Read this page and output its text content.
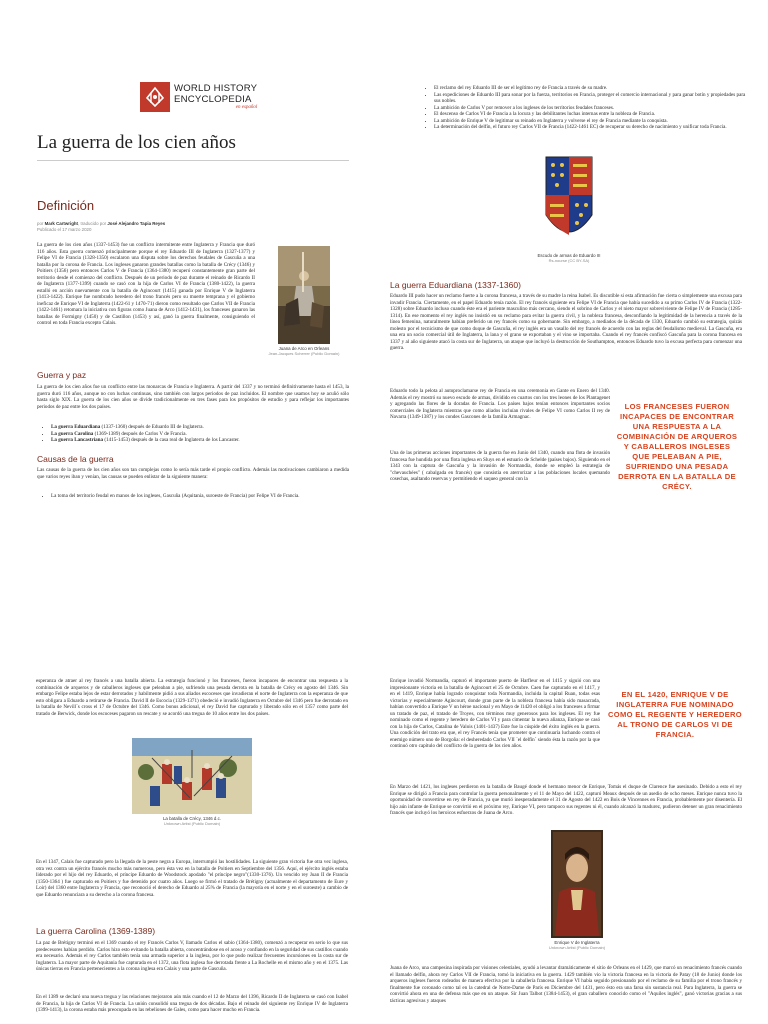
WORLD HISTORY
ENCYCLOPEDIA
en español
La guerra de los cien años
Definición
por Mark Cartwright, traducido por José Alejandro Tapia Reyes
Publicado el 17 marzo 2020

La guerra de los cien años (1337-1453) fue un conflicto intermitente entre Inglaterra y Francia que duró 116 años. Esta guerra comenzó principalmente porque el rey Eduardo III de Inglaterra (1327-1377) y Felipe VI de Francia (1328-1350) escalaron una disputa sobre los derechos feudales de Gascuña a una batalla por la corona de Francia. Los ingleses ganaron grandes batallas como la batalla de Crécy (1346) y Poitiers (1356) pero entonces Carlos V de Francia (1364-1380) recuperó constantemente gran parte del territorio desde el comienzo del conflicto. Después de un periodo de paz durante el reinado de Ricardo II de Inglaterra (1377-1399) cuando se casó con la hija de Carlos VI de Francia (1380-1422), la guerra estalló en acción nuevamente con la batalla de Agincourt (1415) ganada por Enrique V de Inglaterra (1413-1422). Enrique fue nombrado heredero del trono francés pero su muerte temprana y el gobierno ineficaz de Enrique VI de Inglaterra (1422-61 y 1470-71) dieron como resultado que Carlos VII de Francia (1422-1461) retomara la iniciativa con figuras como Juana de Arco (1412-1431), los franceses ganaron las batallas de Formigny (1450) y de Castillon (1453) y así, ganó la guerra finalmente, consiguiendo el control en toda Francia excepto Calais.

Juana de Arco en Orleans
Jean-Jacques Scherrer (Public Domain)
Guerra y paz

La guerra de los cien años fue un conflicto entre las monarcas de Francia e Inglaterra. A partir del 1337 y no terminó definitivamente hasta el 1453, la guerra duró 116 años, aunque no con luchas continuas, sino también con largos periodos de paz incluidos. El nombre que usamos hoy se acuñó sólo hasta siglo XIX. La guerra de los cien años se divide tradicionalmente en tres fases para los propósitos de estudio y para reflejar los importantes periodos de paz entre los dos países.

• La guerra Eduardiana (1337-1360) después de Eduardo III de Inglaterra.
• La guerra Carolina (1369-1389) después de Carlos V de Francia.
• La guerra Lancastriana (1415-1453) después de la casa real de Inglaterra de los Lancaster.
Causas de la guerra

Las causas de la guerra de los cien años son tan complejas como lo sería más tarde el propio conflicto. Además las motivaciones cambiaron a medida que varios reyes iban y venían, las causas se pueden enlistar de la siguiente manera:

• La toma del territorio feudal en manos de los ingleses, Gascuña (Aquitania, suroeste de Francia) por Felipe VI de Francia.
• El reclamo del rey Eduardo III de ser el legítimo rey de Francia a través de su madre.
• Las expediciones de Eduardo III para sonar por la fuerza, territorios en Francia, proteger el comercio internacional y para ganar botín y propiedades para sus nobles.
• La ambición de Carlos V por remover a los ingleses de los territorios feudales franceses.
• El descenso de Carlos VI de Francia a la locura y las debilitantes luchas internas entre la nobleza de Francia.
• La ambición de Enrique V de legitimar su reinado en Inglaterra y volverse el rey de Francia mediante la conquista.
• La determinación del delfín, el futuro rey Carlos VII de Francia (1422-1461 EC) de recuperar su derecho de nacimiento y unificar toda Francia.
Escudo de armas de Eduardo III
Rs-nourse (CC BY-SA)
La guerra Eduardiana (1337-1360)

Eduardo III pudo hacer un reclamo fuerte a la corona francesa, a través de su madre la reina Isabel. Es discutible si esta afirmación fue cierta o simplemente una excusa para invadir Francia. Ciertamente, en el papel Eduardo tenía razón. El rey francés siguiente era Felipe VI de Francia que había sucedido a su primo Carlos IV de Francia (1322-1328) sobre Eduardo incluso cuando éste era el pariente masculino más cercano, siendo el sobrino de Carlos y el nieto mayor sobreviviente de Felipe IV de Francia (1285-1314). En ese momento el rey inglés no insistió en su reclamo para evitar la guerra civil, y la nobleza francesa, desconfiando la legitimidad de la herencia a través de la línea femenina, naturalmente habían preferido un rey francés como su gobernante. Sin embargo, a mediados de la década de 1330, Eduardo cambió su estrategia, quizás molesto por el tecnicismo de que como duque de Gascuña, el rey inglés era un vasallo del rey francés de acuerdo con las reglas del feudalismo medieval. La Gascuña, era una era un socio comercial útil de Inglaterra, la lana y el grano se exportaban y el vino se importaba. Cuando el rey francés confiscó Gascuña para la corona francesa en 1337 y al año siguiente atacó la costa sur de Inglaterra, un ataque que incluyó la destrucción de Southampton, entonces Eduardo tuvo la excusa perfecta para comenzar una guerra.

Eduardo todo la pelota al autoproclamarse rey de Francia en una ceremonia en Gante en Enero del 1340. Además el rey mostró su nuevo escudo de armas, dividido en cuartos con los tres leones de los Plantagenet y agregando las flores de la doradas de Francia. Los países bajos tenían entonces importantes socios comerciales de Inglaterra mientras que como aliados incluían rivales de Felipe VI como Carlos II rey de Navarra (1349-1387) y los condes Gascones de la familia Armagnac.

Una de las primeras acciones importantes de la guerra fue en Junio del 1340, cuando una flota de invasión francesa fue hundida por una flota inglesa en Sluys en el estuario de Schelde (países bajos). Siguiendo en el 1343 con la captura de Gascuña y la invasión de Normandía, donde se empleó la estrategia de "chevauchées" ( cabalgada en francés) que consistía en aterrorizar a las poblaciones locales quemando cosechas, asaltando reservas y permitiendo el saqueo general con la

LOS FRANCESES FUERON INCAPACES DE ENCONTRAR UNA RESPUESTA A LA COMBINACIÓN DE ARQUEROS Y CABALLEROS INGLESES QUE PELEABAN A PIE, SUFRIENDO UNA PESADA DERROTA EN LA BATALLA DE CRÉCY.

esperanza de atraer al rey francés a una batalla abierta. La estrategia funcionó y los franceses, fueron incapaces de encontrar una respuesta a la combinación de arqueros y de caballeros ingleses que peleaban a pie, sufriendo una pesada derrota en la batalla de Crécy en agosto del 1346. Sin embargo Felipe estaba lejos de estar derrotados y habilmente pidió a sus aliados escoceses que invadieran el norte de Inglaterra con la esperanza de que esto obligara a Eduardo a retirarse de Francia. David II de Escocia (1329-1371) obedeció e invadió Inglaterra en Octubre del 1346 pero fue derrotado en la batalla de Nevill´s cross el 17 de Octubre del 1346. Como bonus adicional, el rey David fue capturado y liberado sólo en el 1357 como parte del tratado de Berwick, donde los escoceses pagaron un rescate y se acordó una tregua de 10 años entre los dos países.

La batalla de Crécy, 1346 d.c.
Unknown Artist (Public Domain)

En el 1347, Calais fue capturado pero la llegada de la peste negra a Europa, interrumpió las hostilidades. La siguiente gran victoria fue otra vez inglesa, otra vez contra un ejército francés mucho más numeroso, pero ésta vez en la batalla de Poitiers en Septiembre del 1356. Aquí, el ejército inglés estaba liderado por el hijo del rey Eduardo, el príncipe Eduardo de Woodstock apodado "el príncipe negro"(1330-1376). Un vencido rey Juan II de Francia (1350-1364 ) fue capturado en Poitiers y fue detenido por cuatro años. Luego se firmó el tratado de Brétigny (actualmente el departamento de Eure y Loir) del 1360 entre Inglaterra y Francia, que reconoció el derecho de Eduardo al 25% de Francia (la mayoría en el norte y en el suroeste) a cambio de que Eduardo renunciara a su derecho a la corona francesa.

La guerra Carolina (1369-1389)

La paz de Brétigny terminó en el 1369 cuando el rey Francés Carlos V, llamado Carlos el sabio (1364-1380), comenzó a recuperar en serio lo que sus predecesores habían perdido. Carlos hizo esto evitando la batalla abierta, concentrándose en el acoso y confiando en la seguridad de sus castillos cuando era necesario. Además el rey Carlos también tenía una armada superior a la inglesa, por lo que pudo realizar frecuentes incursiones en la costa sur de Inglaterra. La mayor parte de Aquitania fue capturada en el 1372, una flota inglesa fue derrotada frente a La Rochelle en el mismo año y en el 1375. Las únicas tierras en Francia pertenecientes a la corona inglesa era Calais y una parte de Gascuña.

En el 1389 se declaró una nueva tregua y las relaciones mejoraron aún más cuando el 12 de Marzo del 1396, Ricardo II de Inglaterra se casó con Isabel de Francia, la hija de Carlos VI de Francia. La unión consolidó una tregua de dos décadas. Bajo el reinado del siguiente rey Enrique IV de Inglaterra (1399-1413), la corona estaba más preocupada en las rebeliones de Gales, como para hacer mucho en Francia.

Enrique invadió Normandía, capturó el importante puerto de Harfleur en el 1415 y siguió con una impresionante victoria en la batalla de Agincourt el 25 de Octubre. Caen fue capturado en el 1417, y en el 1419, Enrique había logrado conquistar toda Normandía, incluida la capital Ruan, todas esas victorias y especialmente Agincourt, donde gran parte de la nobleza francesa había sido masacrada, habían convertido a Enrique V un héroe nacional y en Mayo de l1420 el obligó a los franceses a firmar un tratado de paz, el tratado de Troyes, con términos muy generosos para los ingleses. El rey fue nominado como el regente y heredero de Carlos VI y para cimentar la nueva alianza, Enrique se casó con la hija de Carlos, Catalina de Valois (1401-1437) Este fue la cúspide del éxito inglés en la guerra. Una condición del trato era que, el rey Francés tenía que prometer que continuaría luchando contra el enemigo número uno de Borgoña: el desheredado Carlos VII ´el delfín´ siendo ésta la razón por la que continuó otro capítulo del conflicto de la guerra de los cien años.

EN EL 1420, ENRIQUE V DE INGLATERRA FUE NOMINADO COMO EL REGENTE Y HEREDERO AL TRONO DE CARLOS VI DE FRANCIA.

En Marzo del 1421, los ingleses perdieron en la batalla de Baugé donde el hermano menor de Enrique, Tomás el duque de Clarence fue asesinado. Debido a esto el rey Enrique se dirigió a Francia para controlar la guerra personalmente y el 11 de Mayo del 1422, capturó Meaux después de un asedio de ocho meses. Enrique nunca tuvo la oportunidad de convertirse en rey de Francia, ya que murió inesperadamente el 31 de Agosto del 1422 en Bois de Vincennes en Francia, probablemente por disentería. El hijo aún infante de Enrique se convirtió en el próximo rey, Enrique VI, pero tampoco sus regentes ni él, cuando alcanzó la madurez, pudieron detener un gran renacimiento francés que incluyó los heroicos esfuerzos de Juana de Arco.

Enrique V de Inglaterra
Unknown Artist (Public Domain)

Juana de Arco, una campesina inspirada por visiones celestiales, ayudó a levantar dramáticamente el sitio de Orleans en el 1429, que marcó un renacimiento francés cuando el llamado delfín, ahora rey Carlos VII de Francia, tomó la iniciativa en la guerra. 1429 también vio la victoria francesa en la victoria de Patay (18 de Junio) donde los arqueros ingleses fueron rodeados de manera efectiva por la caballería francesa. Enrique VI había seguido presionando por el reclamo de su familia por el trono francés y finalmente fue coronado como tal en la catedral de Notre-Dame de París en Diciembre del 1431, pero ésto era una farsa sin sustancia real. Para Inglaterra, la guerra se convirtió ahora en una de defensa más que en un ataque. Sir Juan Talbot (1384-1453), el gran caballero conocido como el "Aquiles inglés", ganó victorias gracias a sus tácticas agresivas y ataques
